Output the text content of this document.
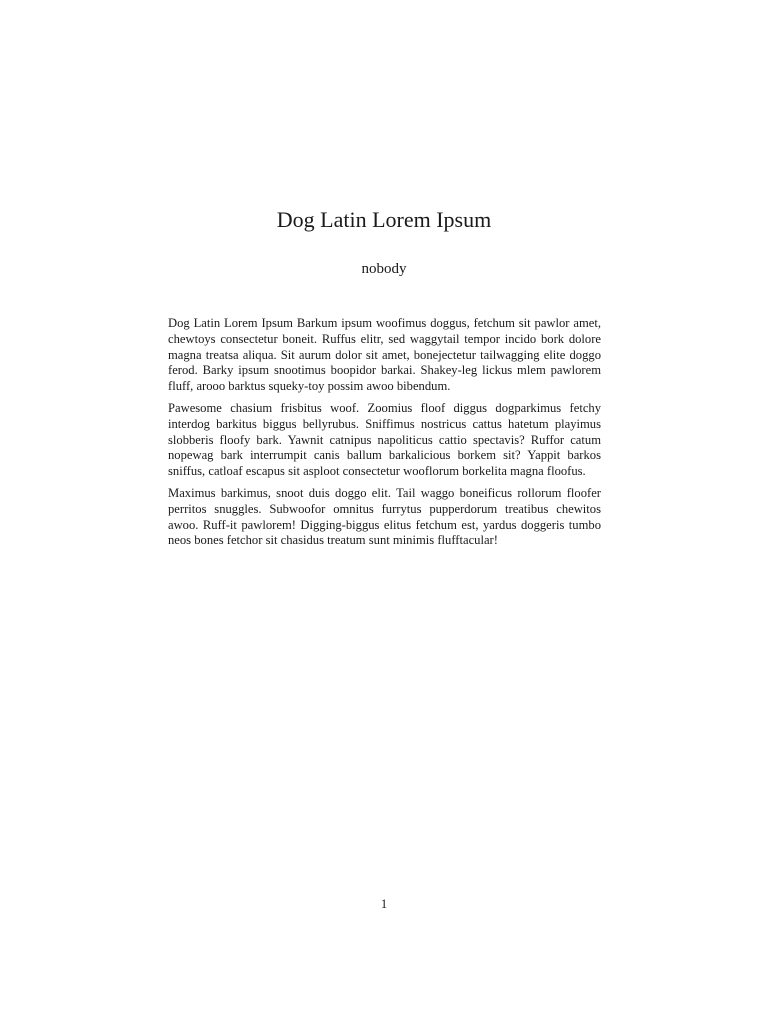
Dog Latin Lorem Ipsum
nobody

Dog Latin Lorem Ipsum Barkum ipsum woofimus doggus, fetchum sit pawlor amet, chewtoys consectetur boneit. Ruffus elitr, sed waggytail tempor incido bork dolore magna treatsa aliqua. Sit aurum dolor sit amet, bonejectetur tailwagging elite doggo ferod. Barky ipsum snootimus boopidor barkai. Shakey-leg lickus mlem pawlorem fluff, arooo barktus squeky-toy possim awoo bibendum.

Pawesome chasium frisbitus woof. Zoomius floof diggus dogparkimus fetchy interdog barkitus biggus bellyrubus. Sniffimus nostricus cattus hatetum playimus slobberis floofy bark. Yawnit catnipus napoliticus cattio spectavis? Ruffor catum nopewag bark interrumpit canis ballum barkalicious borkem sit? Yappit barkos sniffus, catloaf escapus sit asploot consectetur wooflorum borkelita magna floofus.

Maximus barkimus, snoot duis doggo elit. Tail waggo boneificus rollorum floofer perritos snuggles. Subwoofor omnitus furrytus pupperdorum treatibus chewitos awoo. Ruff-it pawlorem! Digging-biggus elitus fetchum est, yardus doggeris tumbo neos bones fetchor sit chasidus treatum sunt minimis flufftacular!

1
